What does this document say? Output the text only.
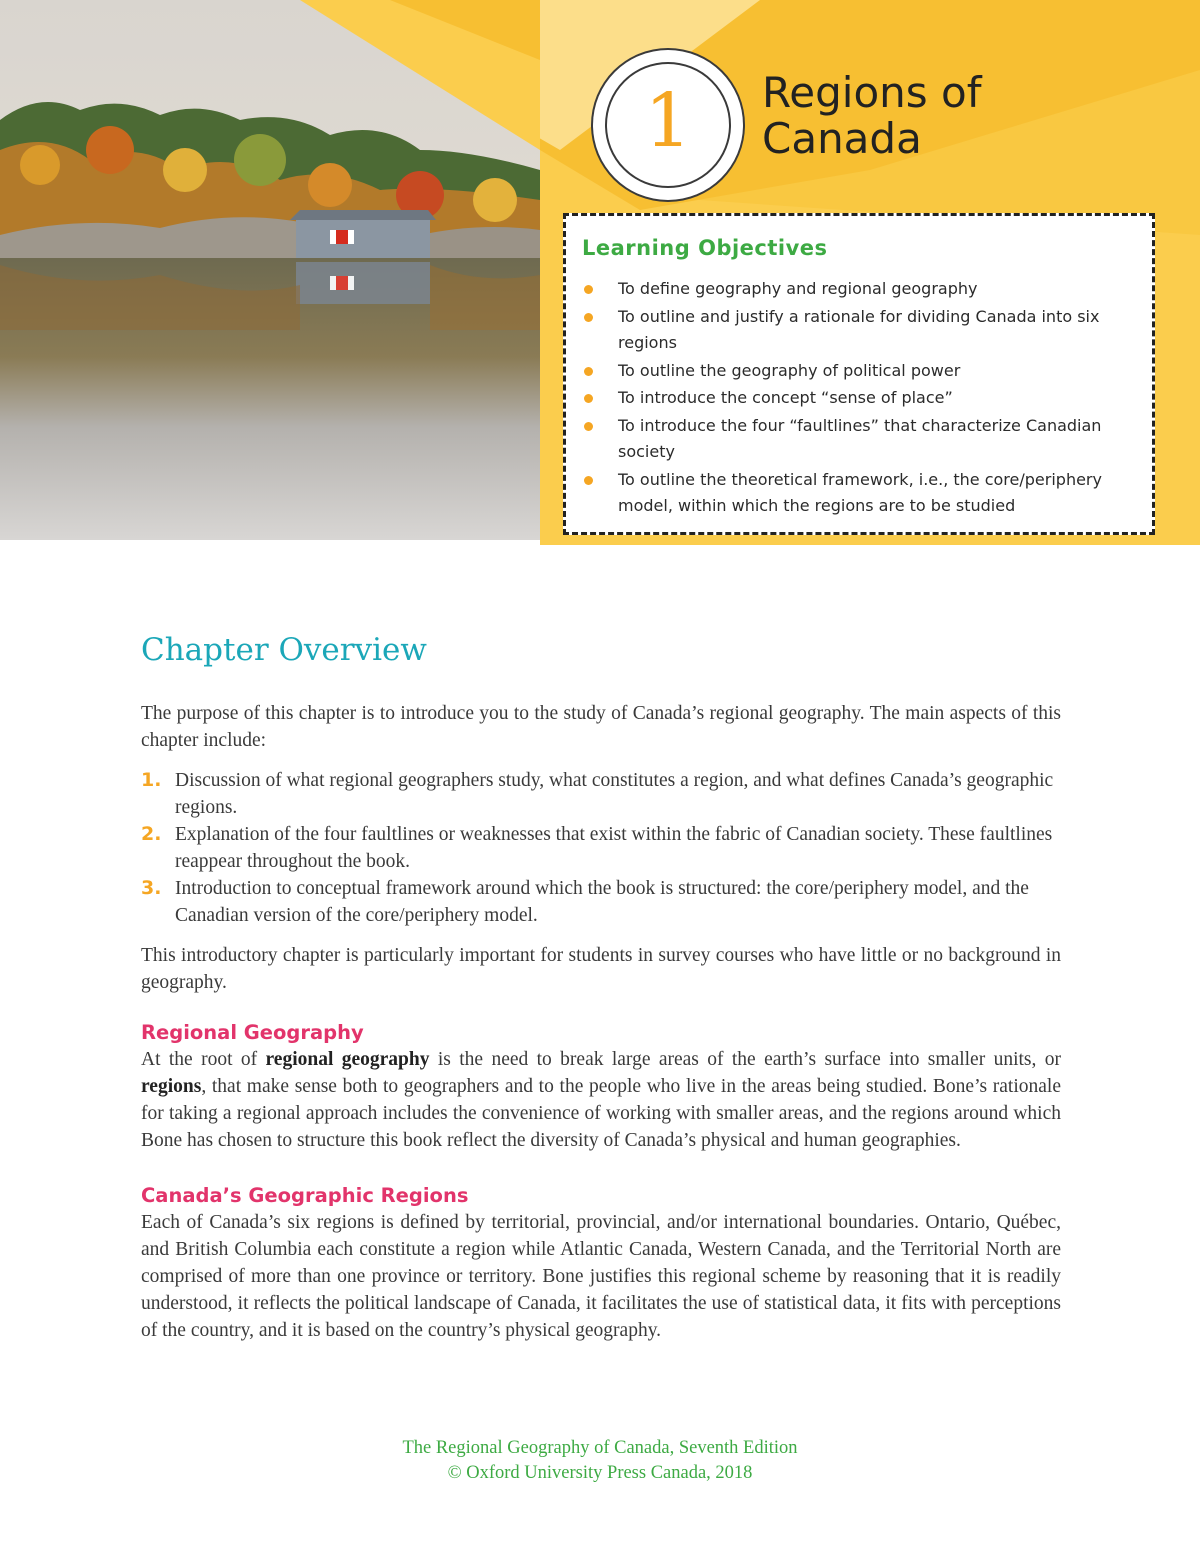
1	Regions of
Canada
Learning Objectives
To define geography and regional geography
To outline and justify a rationale for dividing Canada into six regions
To outline the geography of political power
To introduce the concept “sense of place”
To introduce the four “faultlines” that characterize Canadian society
To outline the theoretical framework, i.e., the core/periphery model, within which the regions are to be studied
Chapter Overview

The purpose of this chapter is to introduce you to the study of Canada’s regional geography. The main aspects of this chapter include:

1. Discussion of what regional geographers study, what constitutes a region, and what defines Canada’s geographic regions.
2. Explanation of the four faultlines or weaknesses that exist within the fabric of Canadian society. These faultlines reappear throughout the book.
3. Introduction to conceptual framework around which the book is structured: the core/periphery model, and the Canadian version of the core/periphery model.

This introductory chapter is particularly important for students in survey courses who have little or no background in geography.

Regional Geography

At the root of regional geography is the need to break large areas of the earth’s surface into smaller units, or regions, that make sense both to geographers and to the people who live in the areas being studied. Bone’s rationale for taking a regional approach includes the convenience of working with smaller areas, and the regions around which Bone has chosen to structure this book reflect the diversity of Canada’s physical and human geographies.

Canada’s Geographic Regions

Each of Canada’s six regions is defined by territorial, provincial, and/or international boundaries. Ontario, Québec, and British Columbia each constitute a region while Atlantic Canada, Western Canada, and the Territorial North are comprised of more than one province or territory. Bone justifies this regional scheme by reasoning that it is readily understood, it reflects the political landscape of Canada, it facilitates the use of statistical data, it fits with perceptions of the country, and it is based on the country’s physical geography.

The Regional Geography of Canada, Seventh Edition
© Oxford University Press Canada, 2018
